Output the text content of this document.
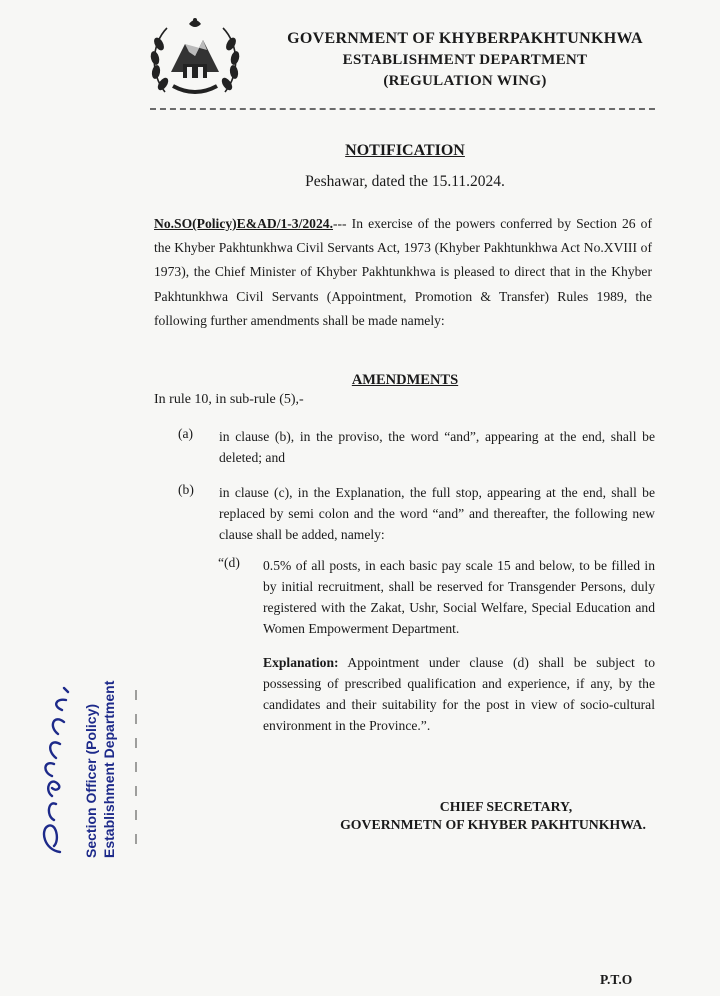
GOVERNMENT OF KHYBERPAKHTUNKHWA
ESTABLISHMENT DEPARTMENT
(REGULATION WING)
NOTIFICATION
Peshawar, dated the 15.11.2024.
No.SO(Policy)E&AD/1-3/2024.--- In exercise of the powers conferred by Section 26 of the Khyber Pakhtunkhwa Civil Servants Act, 1973 (Khyber Pakhtunkhwa Act No.XVIII of 1973), the Chief Minister of Khyber Pakhtunkhwa is pleased to direct that in the Khyber Pakhtunkhwa Civil Servants (Appointment, Promotion & Transfer) Rules 1989, the following further amendments shall be made namely:
AMENDMENTS
In rule 10, in sub-rule (5),-
(a) in clause (b), in the proviso, the word “and”, appearing at the end, shall be deleted; and
(b) in clause (c), in the Explanation, the full stop, appearing at the end, shall be replaced by semi colon and the word “and” and thereafter, the following new clause shall be added, namely:
“(d) 0.5% of all posts, in each basic pay scale 15 and below, to be filled in by initial recruitment, shall be reserved for Transgender Persons, duly registered with the Zakat, Ushr, Social Welfare, Special Education and Women Empowerment Department.
Explanation: Appointment under clause (d) shall be subject to possessing of prescribed qualification and experience, if any, by the candidates and their suitability for the post in view of socio-cultural environment in the Province.”.
CHIEF SECRETARY,
GOVERNMETN OF KHYBER PAKHTUNKHWA.
Section Officer (Policy) Establishment Department
P.T.O
